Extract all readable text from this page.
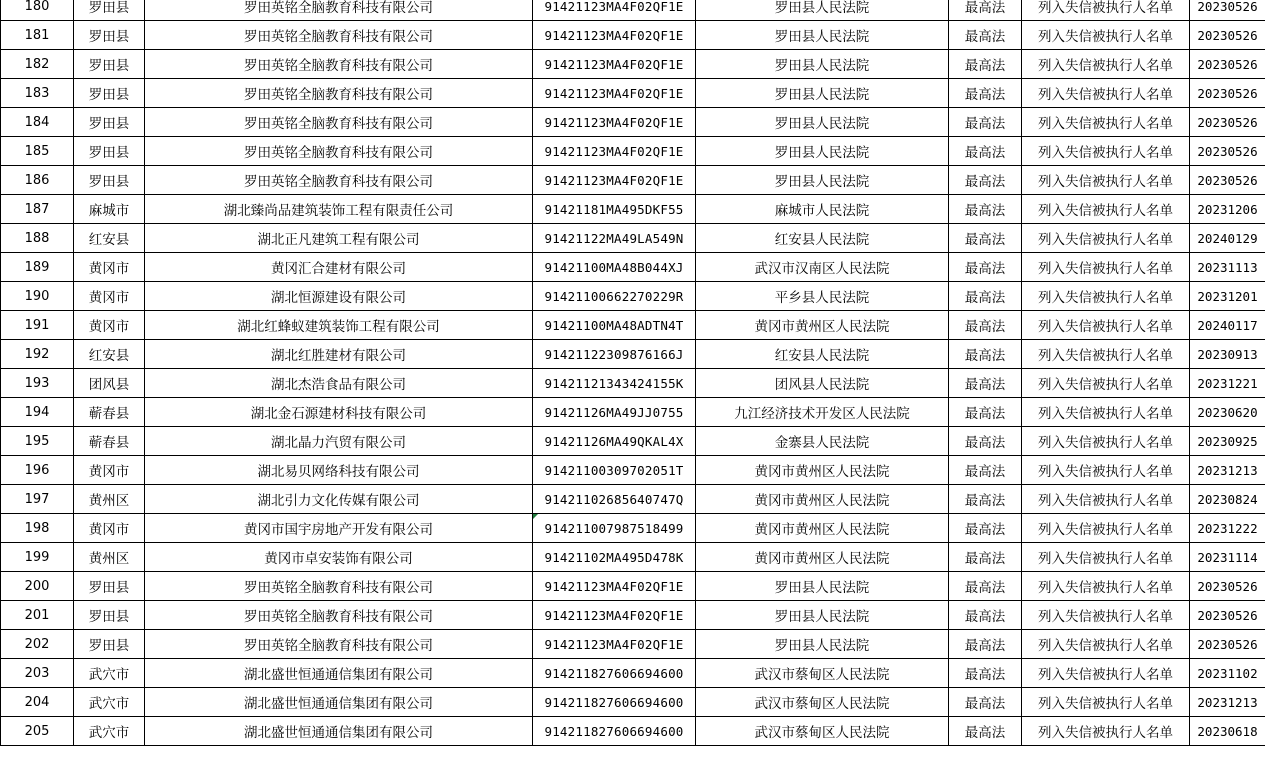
180	罗田县	罗田英铭全脑教育科技有限公司	91421123MA4F02QF1E	罗田县人民法院	最高法	列入失信被执行人名单	20230526
181	罗田县	罗田英铭全脑教育科技有限公司	91421123MA4F02QF1E	罗田县人民法院	最高法	列入失信被执行人名单	20230526
182	罗田县	罗田英铭全脑教育科技有限公司	91421123MA4F02QF1E	罗田县人民法院	最高法	列入失信被执行人名单	20230526
183	罗田县	罗田英铭全脑教育科技有限公司	91421123MA4F02QF1E	罗田县人民法院	最高法	列入失信被执行人名单	20230526
184	罗田县	罗田英铭全脑教育科技有限公司	91421123MA4F02QF1E	罗田县人民法院	最高法	列入失信被执行人名单	20230526
185	罗田县	罗田英铭全脑教育科技有限公司	91421123MA4F02QF1E	罗田县人民法院	最高法	列入失信被执行人名单	20230526
186	罗田县	罗田英铭全脑教育科技有限公司	91421123MA4F02QF1E	罗田县人民法院	最高法	列入失信被执行人名单	20230526
187	麻城市	湖北臻尚品建筑装饰工程有限责任公司	91421181MA495DKF55	麻城市人民法院	最高法	列入失信被执行人名单	20231206
188	红安县	湖北正凡建筑工程有限公司	91421122MA49LA549N	红安县人民法院	最高法	列入失信被执行人名单	20240129
189	黄冈市	黄冈汇合建材有限公司	91421100MA48B044XJ	武汉市汉南区人民法院	最高法	列入失信被执行人名单	20231113
190	黄冈市	湖北恒源建设有限公司	91421100662270229R	平乡县人民法院	最高法	列入失信被执行人名单	20231201
191	黄冈市	湖北红蜂蚁建筑装饰工程有限公司	91421100MA48ADTN4T	黄冈市黄州区人民法院	最高法	列入失信被执行人名单	20240117
192	红安县	湖北红胜建材有限公司	91421122309876166J	红安县人民法院	最高法	列入失信被执行人名单	20230913
193	团风县	湖北杰浩食品有限公司	91421121343424155K	团风县人民法院	最高法	列入失信被执行人名单	20231221
194	蕲春县	湖北金石源建材科技有限公司	91421126MA49JJ0755	九江经济技术开发区人民法院	最高法	列入失信被执行人名单	20230620
195	蕲春县	湖北晶力汽贸有限公司	91421126MA49QKAL4X	金寨县人民法院	最高法	列入失信被执行人名单	20230925
196	黄冈市	湖北易贝网络科技有限公司	91421100309702051T	黄冈市黄州区人民法院	最高法	列入失信被执行人名单	20231213
197	黄州区	湖北引力文化传媒有限公司	91421102685640747Q	黄冈市黄州区人民法院	最高法	列入失信被执行人名单	20230824
198	黄冈市	黄冈市国宇房地产开发有限公司	914211007987518499	黄冈市黄州区人民法院	最高法	列入失信被执行人名单	20231222
199	黄州区	黄冈市卓安装饰有限公司	91421102MA495D478K	黄冈市黄州区人民法院	最高法	列入失信被执行人名单	20231114
200	罗田县	罗田英铭全脑教育科技有限公司	91421123MA4F02QF1E	罗田县人民法院	最高法	列入失信被执行人名单	20230526
201	罗田县	罗田英铭全脑教育科技有限公司	91421123MA4F02QF1E	罗田县人民法院	最高法	列入失信被执行人名单	20230526
202	罗田县	罗田英铭全脑教育科技有限公司	91421123MA4F02QF1E	罗田县人民法院	最高法	列入失信被执行人名单	20230526
203	武穴市	湖北盛世恒通通信集团有限公司	914211827606694600	武汉市蔡甸区人民法院	最高法	列入失信被执行人名单	20231102
204	武穴市	湖北盛世恒通通信集团有限公司	914211827606694600	武汉市蔡甸区人民法院	最高法	列入失信被执行人名单	20231213
205	武穴市	湖北盛世恒通通信集团有限公司	914211827606694600	武汉市蔡甸区人民法院	最高法	列入失信被执行人名单	20230618
